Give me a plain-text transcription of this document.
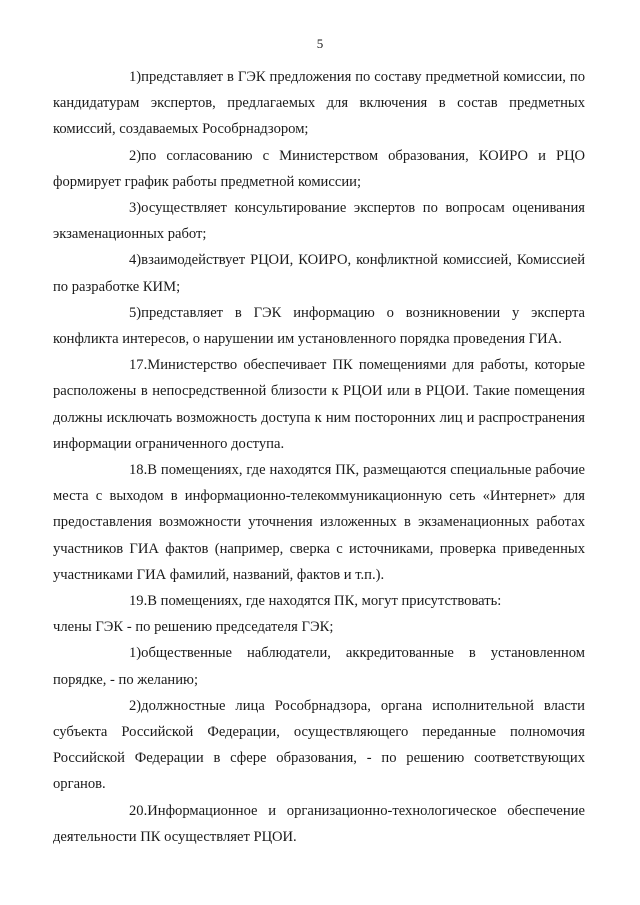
5

1)представляет в ГЭК предложения по составу предметной комиссии, по кандидатурам экспертов, предлагаемых для включения в состав предметных комиссий, создаваемых Рособрнадзором;

2)по согласованию с Министерством образования, КОИРО и РЦО формирует график работы предметной комиссии;

3)осуществляет консультирование экспертов по вопросам оценивания экзаменационных работ;

4)взаимодействует РЦОИ, КОИРО, конфликтной комиссией, Комиссией по разработке КИМ;

5)представляет в ГЭК информацию о возникновении у эксперта конфликта интересов, о нарушении им установленного порядка проведения ГИА.

17.Министерство обеспечивает ПК помещениями для работы, которые расположены в непосредственной близости к РЦОИ или в РЦОИ. Такие помещения должны исключать возможность доступа к ним посторонних лиц и распространения информации ограниченного доступа.

18.В помещениях, где находятся ПК, размещаются специальные рабочие места с выходом в информационно-телекоммуникационную сеть «Интернет» для предоставления возможности уточнения изложенных в экзаменационных работах участников ГИА фактов (например, сверка с источниками, проверка приведенных участниками ГИА фамилий, названий, фактов и т.п.).

19.В помещениях, где находятся ПК, могут присутствовать:

члены ГЭК - по решению председателя ГЭК;

1)общественные наблюдатели, аккредитованные в установленном порядке, - по желанию;

2)должностные лица Рособрнадзора, органа исполнительной власти субъекта Российской Федерации, осуществляющего переданные полномочия Российской Федерации в сфере образования, - по решению соответствующих органов.

20.Информационное и организационно-технологическое обеспечение деятельности ПК осуществляет РЦОИ.
